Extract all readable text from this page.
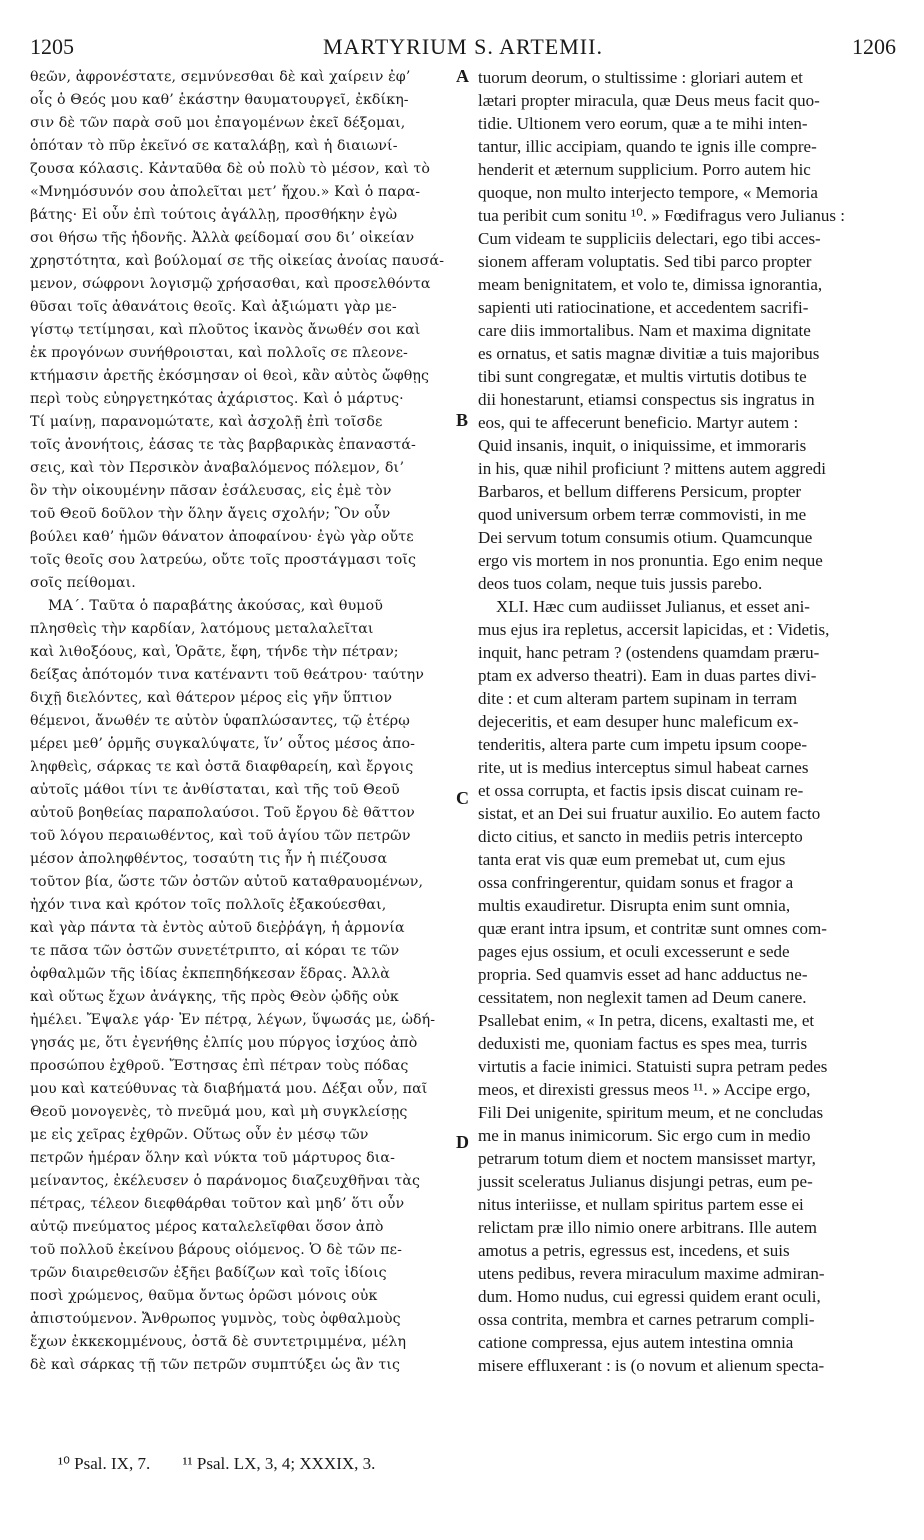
1205	MARTYRIUM S. ARTEMII.	1206
θεῶν, ἀφρονέστατε, σεμνύνεσθαι δὲ καὶ χαίρειν ἐφ’
οἷς ὁ Θεός μου καθ’ ἑκάστην θαυματουργεῖ, ἐκδίκη-
σιν δὲ τῶν παρὰ σοῦ μοι ἐπαγομένων ἐκεῖ δέξομαι,
ὁπόταν τὸ πῦρ ἐκεῖνό σε καταλάβῃ, καὶ ἡ διαιωνί-
ζουσα κόλασις. Κἀνταῦθα δὲ οὐ πολὺ τὸ μέσον, καὶ τὸ
«Μνημόσυνόν σου ἀπολεῖται μετ’ ἤχου.» Καὶ ὁ παρα-
βάτης· Εἰ οὖν ἐπὶ τούτοις ἀγάλλῃ, προσθήκην ἐγὼ
σοι θήσω τῆς ἡδονῆς. Ἀλλὰ φείδομαί σου διʼ οἰκείαν
χρηστότητα, καὶ βούλομαί σε τῆς οἰκείας ἀνοίας παυσά-
μενον, σώφρονι λογισμῷ χρήσασθαι, καὶ προσελθόντα
θῦσαι τοῖς ἀθανάτοις θεοῖς. Καὶ ἀξιώματι γὰρ με-
γίστῳ τετίμησαι, καὶ πλοῦτος ἱκανὸς ἄνωθέν σοι καὶ
ἐκ προγόνων συνήθροισται, καὶ πολλοῖς σε πλεονε-
κτήμασιν ἀρετῆς ἐκόσμησαν οἱ θεοὶ, κἂν αὐτὸς ὤφθῃς
περὶ τοὺς εὐηργετηκότας ἀχάριστος. Καὶ ὁ μάρτυς·
Τί μαίνῃ, παρανομώτατε, καὶ ἀσχολῇ ἐπὶ τοῖσδε
τοῖς ἀνονήτοις, ἐάσας τε τὰς βαρβαρικὰς ἐπαναστά-
σεις, καὶ τὸν Περσικὸν ἀναβαλόμενος πόλεμον, διʼ
ὃν τὴν οἰκουμένην πᾶσαν ἐσάλευσας, εἰς ἐμὲ τὸν
τοῦ Θεοῦ δοῦλον τὴν ὅλην ἄγεις σχολήν; Ὃν οὖν
βούλει καθ’ ἡμῶν θάνατον ἀποφαίνου· ἐγὼ γὰρ οὔτε
τοῖς θεοῖς σου λατρεύω, οὔτε τοῖς προστάγμασι τοῖς
σοῖς πείθομαι.
ΜΑ΄. Ταῦτα ὁ παραβάτης ἀκούσας, καὶ θυμοῦ
πλησθεὶς τὴν καρδίαν, λατόμους μεταλαλεῖται
καὶ λιθοξόους, καὶ, Ὁρᾶτε, ἔφη, τήνδε τὴν πέτραν;
δείξας ἀπότομόν τινα κατέναντι τοῦ θεάτρου· ταύτην
διχῇ διελόντες, καὶ θάτερον μέρος εἰς γῆν ὕπτιον
θέμενοι, ἄνωθέν τε αὐτὸν ὑφαπλώσαντες, τῷ ἑτέρῳ
μέρει μεθ’ ὁρμῆς συγκαλύψατε, ἵν’ οὗτος μέσος ἀπο-
ληφθεὶς, σάρκας τε καὶ ὀστᾶ διαφθαρείη, καὶ ἔργοις
αὐτοῖς μάθοι τίνι τε ἀνθίσταται, καὶ τῆς τοῦ Θεοῦ
αὐτοῦ βοηθείας παραπολαύσοι. Τοῦ ἔργου δὲ θᾶττον
τοῦ λόγου περαιωθέντος, καὶ τοῦ ἁγίου τῶν πετρῶν
μέσον ἀποληφθέντος, τοσαύτη τις ἦν ἡ πιέζουσα
τοῦτον βία, ὥστε τῶν ὀστῶν αὐτοῦ καταθραυομένων,
ἠχόν τινα καὶ κρότον τοῖς πολλοῖς ἐξακούεσθαι,
καὶ γὰρ πάντα τὰ ἐντὸς αὐτοῦ διεῤῥάγη, ἡ ἁρμονία
τε πᾶσα τῶν ὀστῶν συνετέτριπτο, αἱ κόραι τε τῶν
ὀφθαλμῶν τῆς ἰδίας ἐκπεπηδήκεσαν ἕδρας. Ἀλλὰ
καὶ οὕτως ἔχων ἀνάγκης, τῆς πρὸς Θεὸν ᾠδῆς οὐκ
ἠμέλει. Ἔψαλε γάρ· Ἐν πέτρᾳ, λέγων, ὕψωσάς με, ὡδή-
γησάς με, ὅτι ἐγενήθης ἐλπίς μου πύργος ἰσχύος ἀπὸ
προσώπου ἐχθροῦ. Ἔστησας ἐπὶ πέτραν τοὺς πόδας
μου καὶ κατεύθυνας τὰ διαβήματά μου. Δέξαι οὖν, παῖ
Θεοῦ μονογενὲς, τὸ πνεῦμά μου, καὶ μὴ συγκλείσῃς
με εἰς χεῖρας ἐχθρῶν. Οὕτως οὖν ἐν μέσῳ τῶν
πετρῶν ἡμέραν ὅλην καὶ νύκτα τοῦ μάρτυρος δια-
μείναντος, ἐκέλευσεν ὁ παράνομος διαζευχθῆναι τὰς
πέτρας, τέλεον διεφθάρθαι τοῦτον καὶ μηδ’ ὅτι οὖν
αὐτῷ πνεύματος μέρος καταλελεῖφθαι ὅσον ἀπὸ
τοῦ πολλοῦ ἐκείνου βάρους οἰόμενος. Ὁ δὲ τῶν πε-
τρῶν διαιρεθεισῶν ἐξῆει βαδίζων καὶ τοῖς ἰδίοις
ποσὶ χρώμενος, θαῦμα ὄντως ὁρῶσι μόνοις οὐκ
ἀπιστούμενον. Ἄνθρωπος γυμνὸς, τοὺς ὀφθαλμοὺς
ἔχων ἐκκεκομμένους, ὀστᾶ δὲ συντετριμμένα, μέλη
δὲ καὶ σάρκας τῇ τῶν πετρῶν συμπτύξει ὡς ἂν τις
tuorum deorum, o stultissime : gloriari autem et
lætari propter miracula, quæ Deus meus facit quo-
tidie. Ultionem vero eorum, quæ a te mihi inten-
tantur, illic accipiam, quando te ignis ille compre-
henderit et æternum supplicium. Porro autem hic
quoque, non multo interjecto tempore, « Memoria
tua peribit cum sonitu ¹⁰. » Fœdifragus vero Julianus :
Cum videam te suppliciis delectari, ego tibi acces-
sionem afferam voluptatis. Sed tibi parco propter
meam benignitatem, et volo te, dimissa ignorantia,
sapienti uti ratiocinatione, et accedentem sacrifi-
care diis immortalibus. Nam et maxima dignitate
es ornatus, et satis magnæ divitiæ a tuis majoribus
tibi sunt congregatæ, et multis virtutis dotibus te
dii honestarunt, etiamsi conspectus sis ingratus in
eos, qui te affecerunt beneficio. Martyr autem :
Quid insanis, inquit, o iniquissime, et immoraris
in his, quæ nihil proficiunt ? mittens autem aggredi
Barbaros, et bellum differens Persicum, propter
quod universum orbem terræ commovisti, in me
Dei servum totum consumis otium. Quamcunque
ergo vis mortem in nos pronuntia. Ego enim neque
deos tuos colam, neque tuis jussis parebo.
XLI. Hæc cum audiisset Julianus, et esset ani-
mus ejus ira repletus, accersit lapicidas, et : Videtis,
inquit, hanc petram ? (ostendens quamdam præru-
ptam ex adverso theatri). Eam in duas partes divi-
dite : et cum alteram partem supinam in terram
dejeceritis, et eam desuper hunc maleficum ex-
tenderitis, altera parte cum impetu ipsum coope-
rite, ut is medius interceptus simul habeat carnes
et ossa corrupta, et factis ipsis discat cuinam re-
sistat, et an Dei sui fruatur auxilio. Eo autem facto
dicto citius, et sancto in mediis petris intercepto
tanta erat vis quæ eum premebat ut, cum ejus
ossa confringerentur, quidam sonus et fragor a
multis exaudiretur. Disrupta enim sunt omnia,
quæ erant intra ipsum, et contritæ sunt omnes com-
pages ejus ossium, et oculi excesserunt e sede
propria. Sed quamvis esset ad hanc adductus ne-
cessitatem, non neglexit tamen ad Deum canere.
Psallebat enim, « In petra, dicens, exaltasti me, et
deduxisti me, quoniam factus es spes mea, turris
virtutis a facie inimici. Statuisti supra petram pedes
meos, et direxisti gressus meos ¹¹. » Accipe ergo,
Fili Dei unigenite, spiritum meum, et ne concludas
me in manus inimicorum. Sic ergo cum in medio
petrarum totum diem et noctem mansisset martyr,
jussit sceleratus Julianus disjungi petras, eum pe-
nitus interiisse, et nullam spiritus partem esse ei
relictam præ illo nimio onere arbitrans. Ille autem
amotus a petris, egressus est, incedens, et suis
utens pedibus, revera miraculum maxime admiran-
dum. Homo nudus, cui egressi quidem erant oculi,
ossa contrita, membra et carnes petrarum compli-
catione compressa, ejus autem intestina omnia
misere effluxerant : is (o novum et alienum specta-
A
B
C
D
¹⁰ Psal. IX, 7. ¹¹ Psal. LX, 3, 4; XXXIX, 3.
